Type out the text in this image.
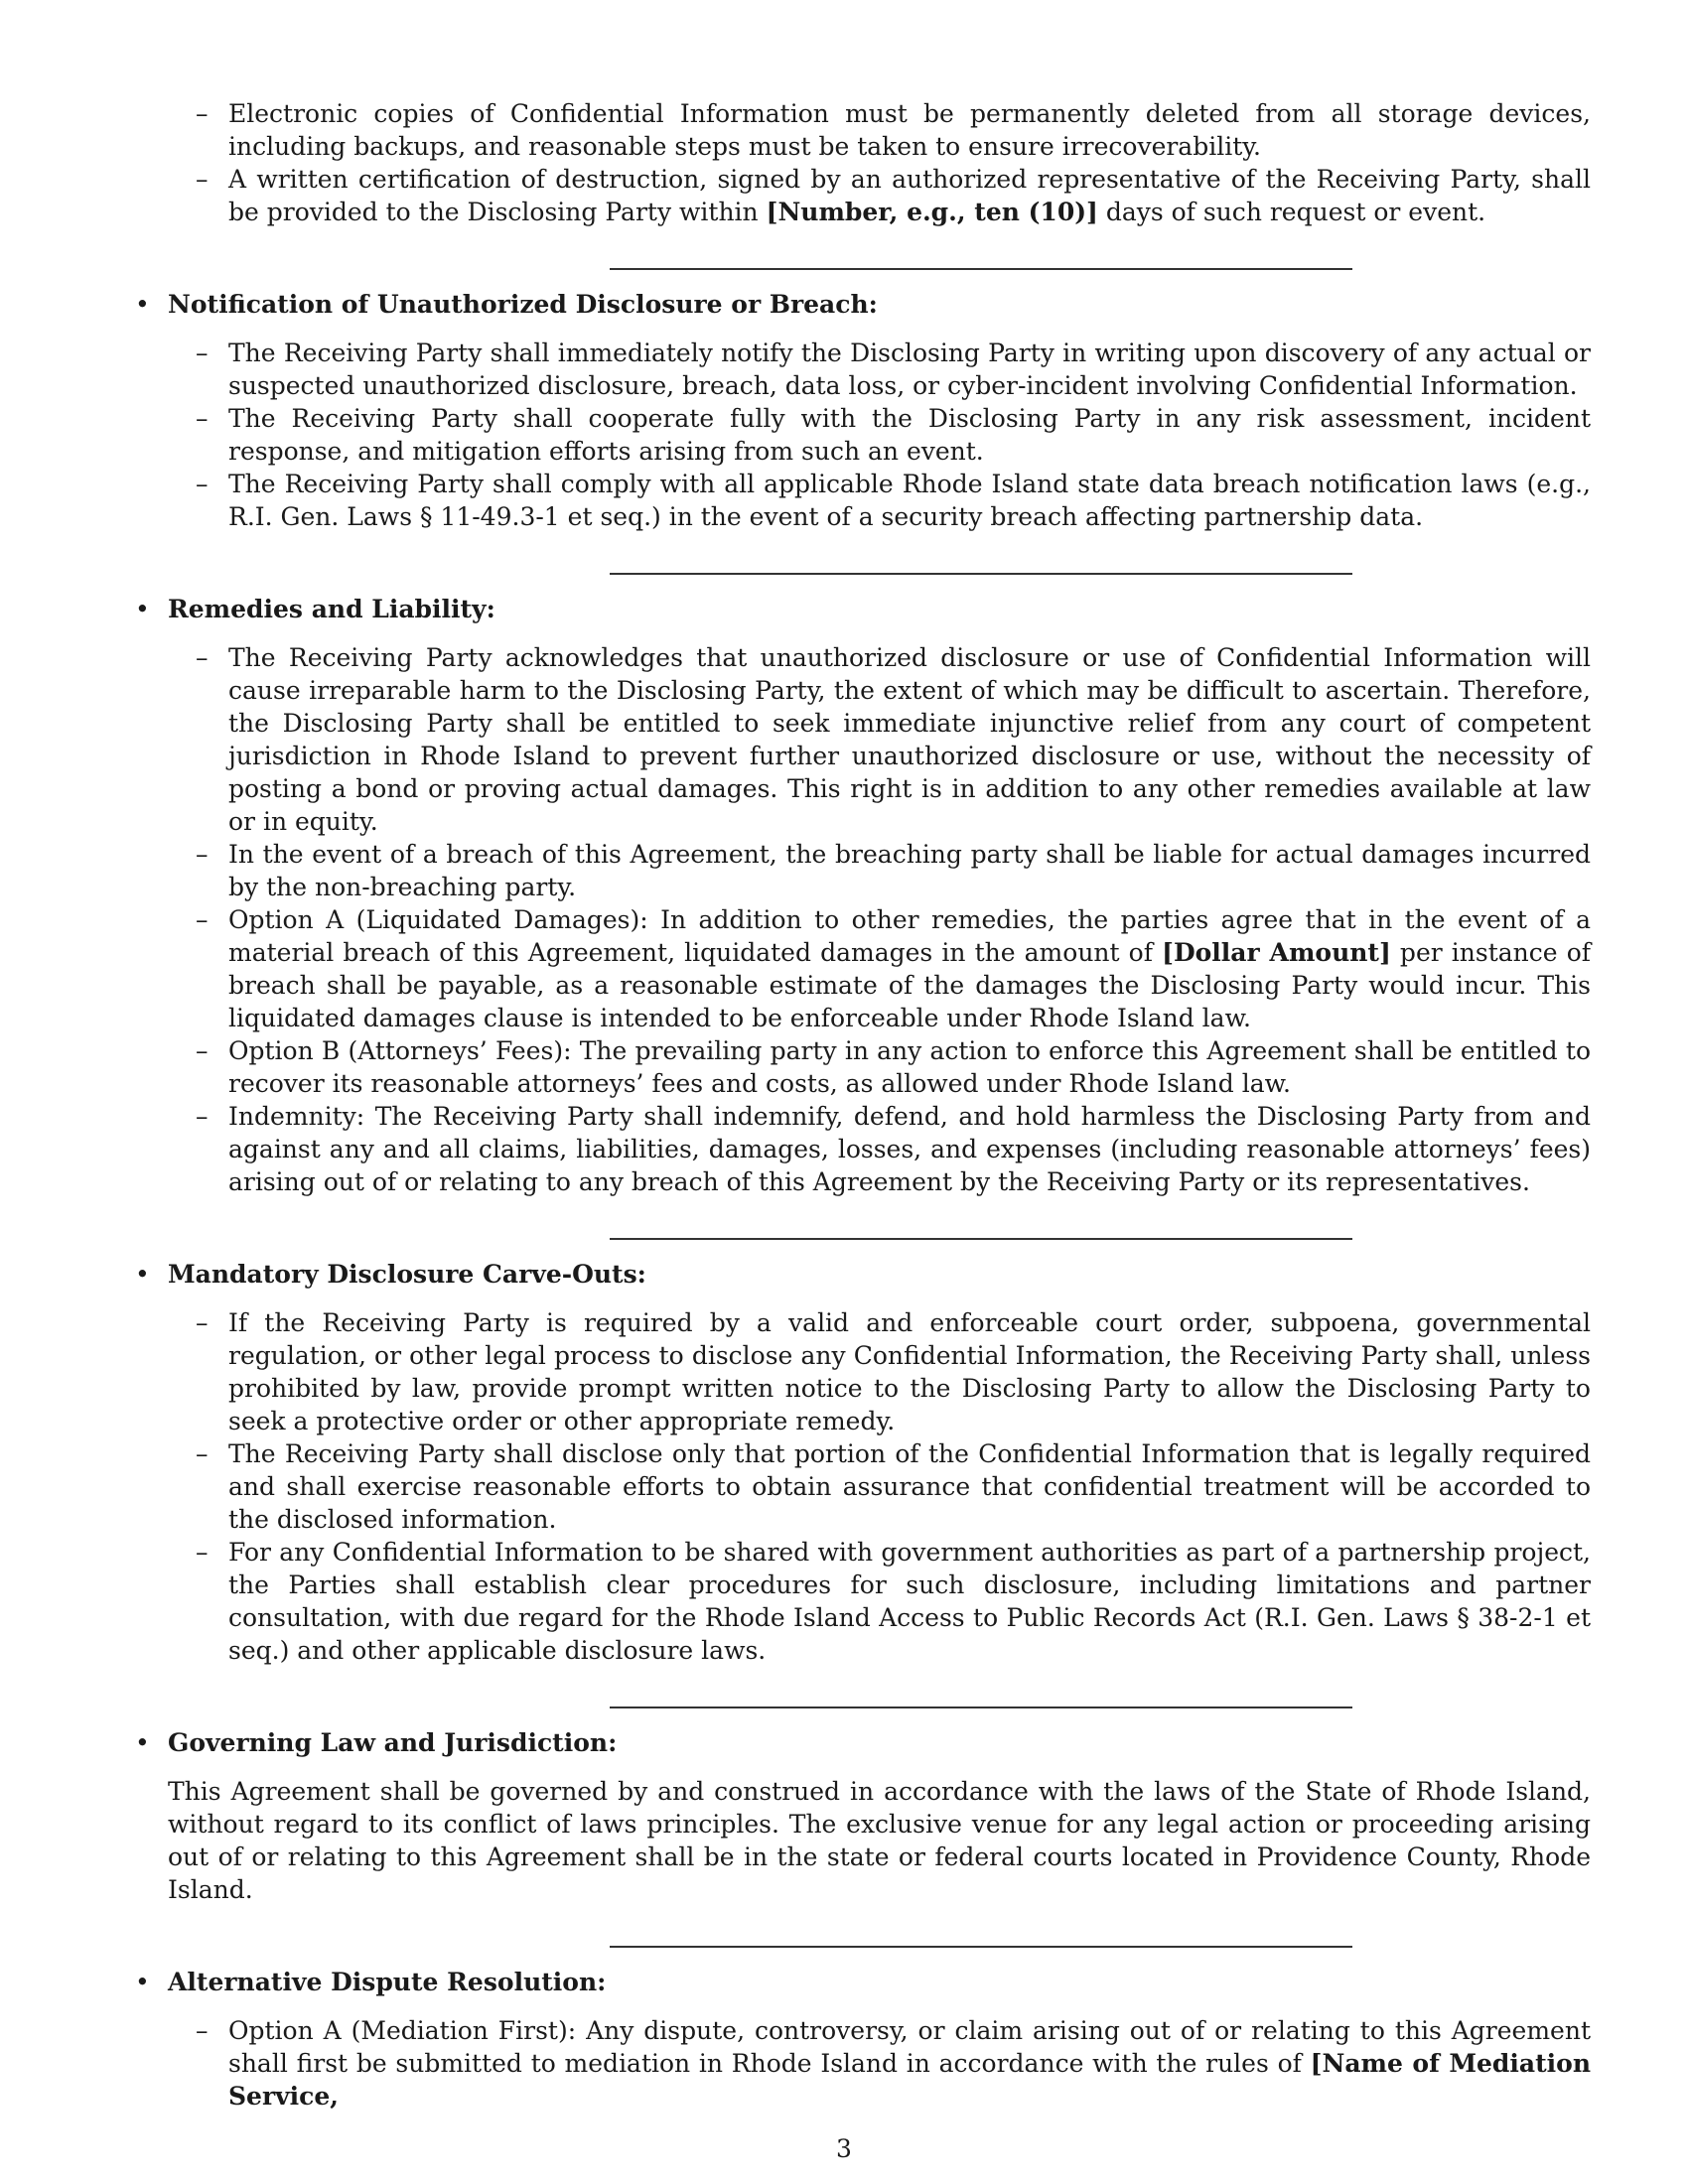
– Electronic copies of Confidential Information must be permanently deleted from all storage devices, including backups, and reasonable steps must be taken to ensure irrecoverability.
– A written certification of destruction, signed by an authorized representative of the Receiving Party, shall be provided to the Disclosing Party within [Number, e.g., ten (10)] days of such request or event.
• Notification of Unauthorized Disclosure or Breach:

– The Receiving Party shall immediately notify the Disclosing Party in writing upon discovery of any actual or suspected unauthorized disclosure, breach, data loss, or cyber-incident involving Confidential Information.
– The Receiving Party shall cooperate fully with the Disclosing Party in any risk assessment, incident response, and mitigation efforts arising from such an event.
– The Receiving Party shall comply with all applicable Rhode Island state data breach notification laws (e.g., R.I. Gen. Laws § 11-49.3-1 et seq.) in the event of a security breach affecting partnership data.
• Remedies and Liability:

– The Receiving Party acknowledges that unauthorized disclosure or use of Confidential Information will cause irreparable harm to the Disclosing Party, the extent of which may be difficult to ascertain. Therefore, the Disclosing Party shall be entitled to seek immediate injunctive relief from any court of competent jurisdiction in Rhode Island to prevent further unauthorized disclosure or use, without the necessity of posting a bond or proving actual damages. This right is in addition to any other remedies available at law or in equity.
– In the event of a breach of this Agreement, the breaching party shall be liable for actual damages incurred by the non-breaching party.
– Option A (Liquidated Damages): In addition to other remedies, the parties agree that in the event of a material breach of this Agreement, liquidated damages in the amount of [Dollar Amount] per instance of breach shall be payable, as a reasonable estimate of the damages the Disclosing Party would incur. This liquidated damages clause is intended to be enforceable under Rhode Island law.
– Option B (Attorneys’ Fees): The prevailing party in any action to enforce this Agreement shall be entitled to recover its reasonable attorneys’ fees and costs, as allowed under Rhode Island law.
– Indemnity: The Receiving Party shall indemnify, defend, and hold harmless the Disclosing Party from and against any and all claims, liabilities, damages, losses, and expenses (including reasonable attorneys’ fees) arising out of or relating to any breach of this Agreement by the Receiving Party or its representatives.
• Mandatory Disclosure Carve-Outs:

– If the Receiving Party is required by a valid and enforceable court order, subpoena, governmental regulation, or other legal process to disclose any Confidential Information, the Receiving Party shall, unless prohibited by law, provide prompt written notice to the Disclosing Party to allow the Disclosing Party to seek a protective order or other appropriate remedy.
– The Receiving Party shall disclose only that portion of the Confidential Information that is legally required and shall exercise reasonable efforts to obtain assurance that confidential treatment will be accorded to the disclosed information.
– For any Confidential Information to be shared with government authorities as part of a partnership project, the Parties shall establish clear procedures for such disclosure, including limitations and partner consultation, with due regard for the Rhode Island Access to Public Records Act (R.I. Gen. Laws § 38-2-1 et seq.) and other applicable disclosure laws.
• Governing Law and Jurisdiction:

This Agreement shall be governed by and construed in accordance with the laws of the State of Rhode Island, without regard to its conflict of laws principles. The exclusive venue for any legal action or proceeding arising out of or relating to this Agreement shall be in the state or federal courts located in Providence County, Rhode Island.

• Alternative Dispute Resolution:

– Option A (Mediation First): Any dispute, controversy, or claim arising out of or relating to this Agreement shall first be submitted to mediation in Rhode Island in accordance with the rules of [Name of Mediation Service,
3
